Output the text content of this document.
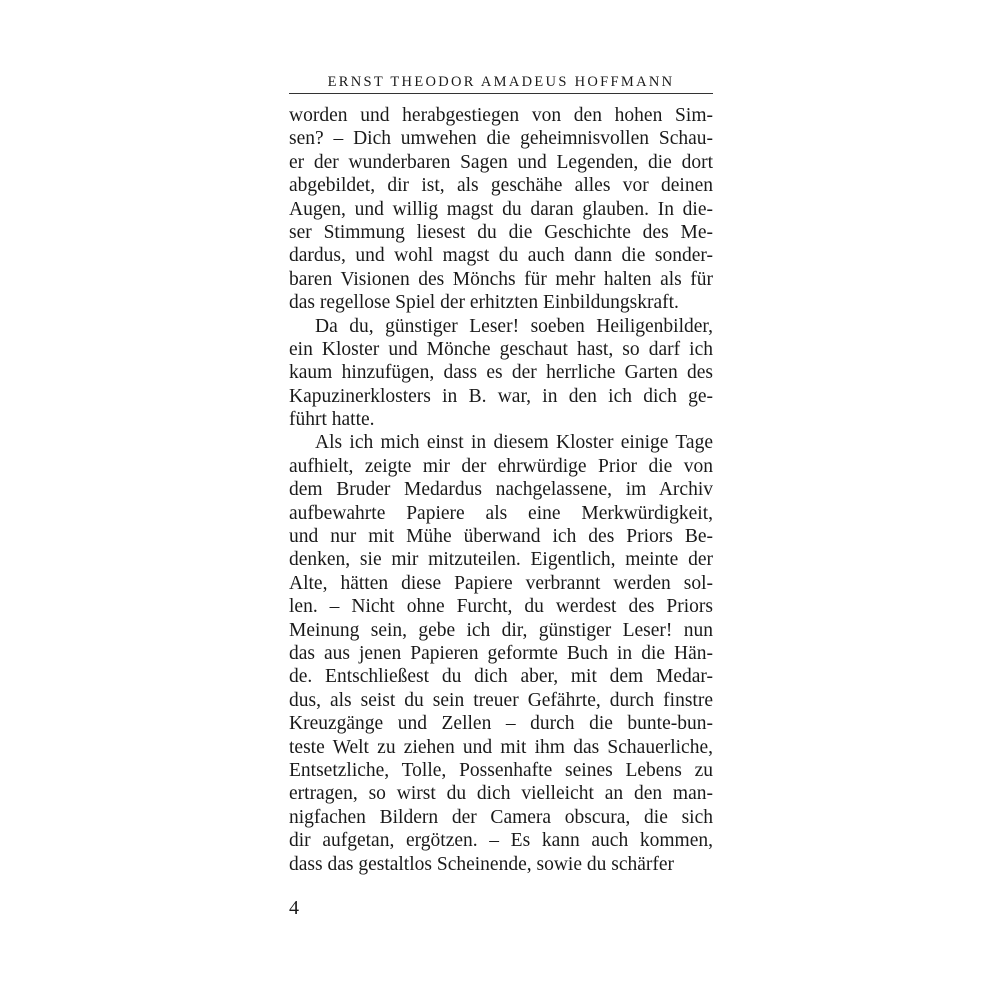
ERNST THEODOR AMADEUS HOFFMANN
worden und herabgestiegen von den hohen Sim-
sen? – Dich umwehen die geheimnisvollen Schau-
er der wunderbaren Sagen und Legenden, die dort
abgebildet, dir ist, als geschähe alles vor deinen
Augen, und willig magst du daran glauben. In die-
ser Stimmung liesest du die Geschichte des Me-
dardus, und wohl magst du auch dann die sonder-
baren Visionen des Mönchs für mehr halten als für
das regellose Spiel der erhitzten Einbildungskraft.
Da du, günstiger Leser! soeben Heiligenbilder,
ein Kloster und Mönche geschaut hast, so darf ich
kaum hinzufügen, dass es der herrliche Garten des
Kapuzinerklosters in B. war, in den ich dich ge-
führt hatte.
Als ich mich einst in diesem Kloster einige Tage
aufhielt, zeigte mir der ehrwürdige Prior die von
dem Bruder Medardus nachgelassene, im Archiv
aufbewahrte Papiere als eine Merkwürdigkeit,
und nur mit Mühe überwand ich des Priors Be-
denken, sie mir mitzuteilen. Eigentlich, meinte der
Alte, hätten diese Papiere verbrannt werden sol-
len. – Nicht ohne Furcht, du werdest des Priors
Meinung sein, gebe ich dir, günstiger Leser! nun
das aus jenen Papieren geformte Buch in die Hän-
de. Entschließest du dich aber, mit dem Medar-
dus, als seist du sein treuer Gefährte, durch finstre
Kreuzgänge und Zellen – durch die bunte-bun-
teste Welt zu ziehen und mit ihm das Schauerliche,
Entsetzliche, Tolle, Possenhafte seines Lebens zu
ertragen, so wirst du dich vielleicht an den man-
nigfachen Bildern der Camera obscura, die sich
dir aufgetan, ergötzen. – Es kann auch kommen,
dass das gestaltlos Scheinende, sowie du schärfer
4
